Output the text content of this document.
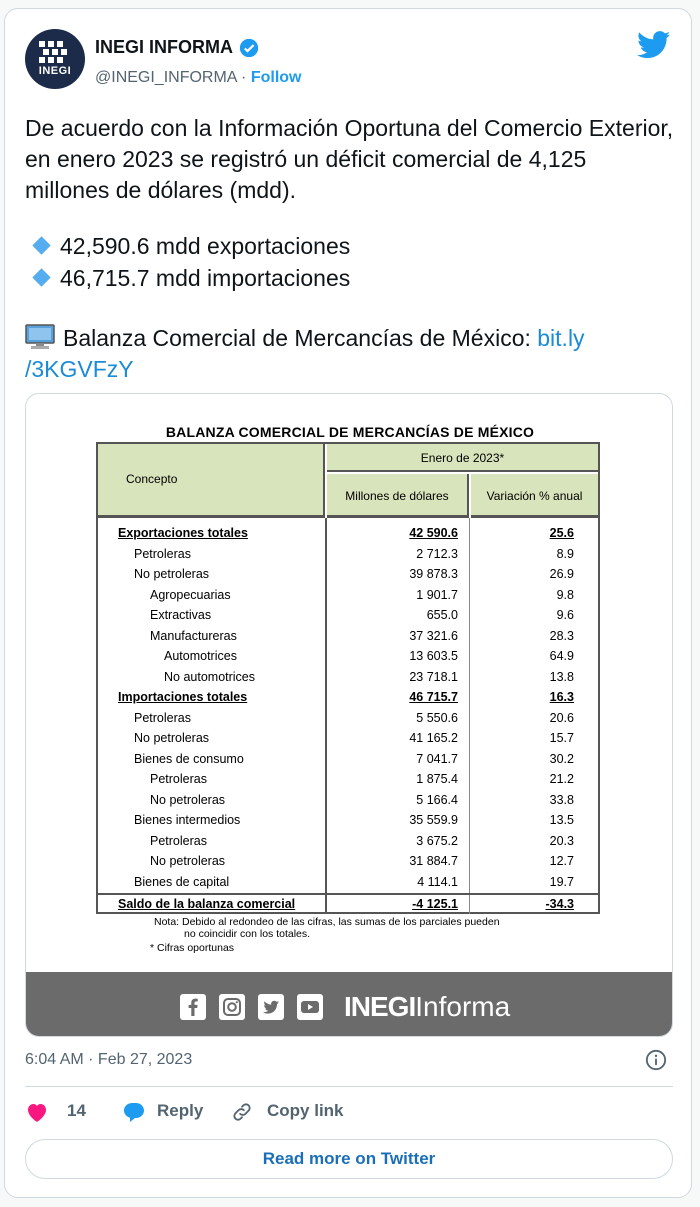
INEGI
INEGI INFORMA
@INEGI_INFORMA · Follow
De acuerdo con la Información Oportuna del Comercio Exterior, en enero 2023 se registró un déficit comercial de 4,125 millones de dólares (mdd).
42,590.6 mdd exportaciones
46,715.7 mdd importaciones
Balanza Comercial de Mercancías de México: bit.ly
/3KGVFzY
BALANZA COMERCIAL DE MERCANCÍAS DE MÉXICO
Concepto
Enero de 2023*
Millones de dólares	Variación % anual
Exportaciones totales	42 590.6	25.6
Petroleras	2 712.3	8.9
No petroleras	39 878.3	26.9
Agropecuarias	1 901.7	9.8
Extractivas	655.0	9.6
Manufactureras	37 321.6	28.3
Automotrices	13 603.5	64.9
No automotrices	23 718.1	13.8
Importaciones totales	46 715.7	16.3
Petroleras	5 550.6	20.6
No petroleras	41 165.2	15.7
Bienes de consumo	7 041.7	30.2
Petroleras	1 875.4	21.2
No petroleras	5 166.4	33.8
Bienes intermedios	35 559.9	13.5
Petroleras	3 675.2	20.3
No petroleras	31 884.7	12.7
Bienes de capital	4 114.1	19.7
Saldo de la balanza comercial	-4 125.1	-34.3
Nota: Debido al redondeo de las cifras, las sumas de los parciales pueden
no coincidir con los totales.
* Cifras oportunas
INEGIInforma
6:04 AM · Feb 27, 2023
14	Reply	Copy link
Read more on Twitter
